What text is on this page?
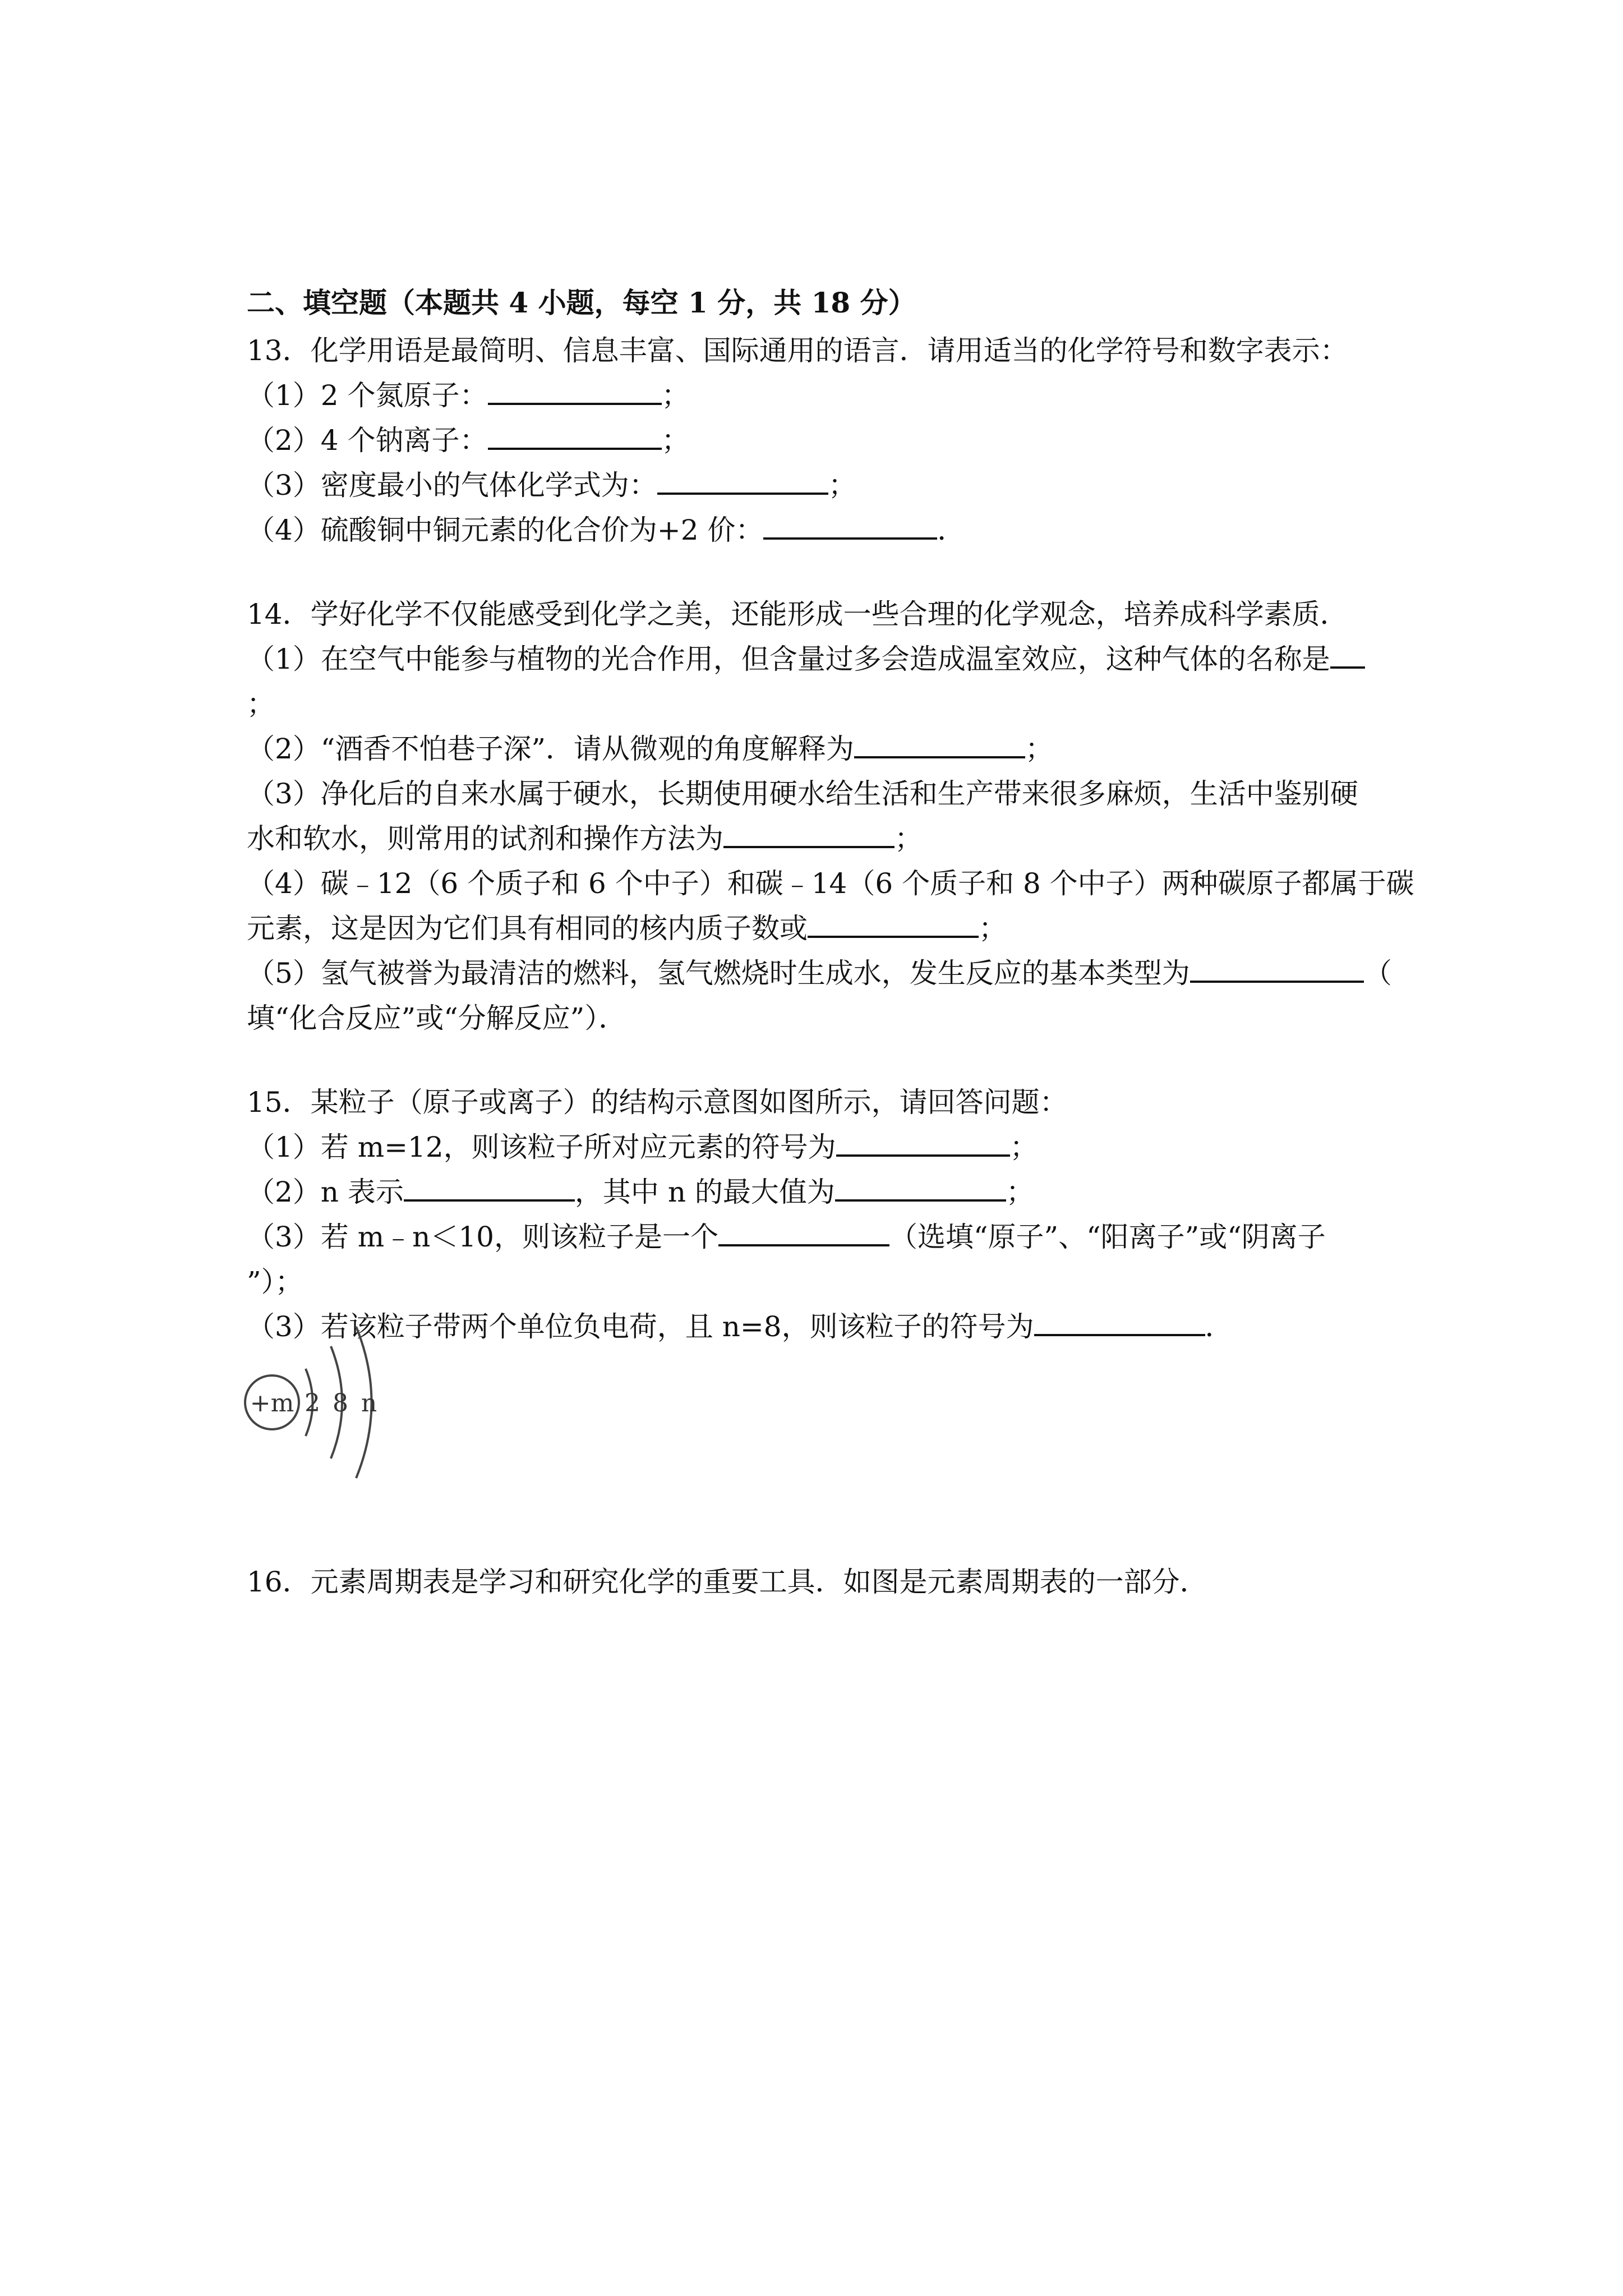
二、填空题（本题共 4 小题，每空 1 分，共 18 分）
13．化学用语是最简明、信息丰富、国际通用的语言．请用适当的化学符号和数字表示：
（1）2 个氮原子：	；
（2）4 个钠离子：	；
（3）密度最小的气体化学式为：	；
（4）硫酸铜中铜元素的化合价为+2 价：	．
14．学好化学不仅能感受到化学之美，还能形成一些合理的化学观念，培养成科学素质．
（1）在空气中能参与植物的光合作用，但含量过多会造成温室效应，这种气体的名称是
；
（2）“酒香不怕巷子深”．请从微观的角度解释为	；
（3）净化后的自来水属于硬水，长期使用硬水给生活和生产带来很多麻烦，生活中鉴别硬
水和软水，则常用的试剂和操作方法为	；
（4）碳﹣12（6 个质子和 6 个中子）和碳﹣14（6 个质子和 8 个中子）两种碳原子都属于碳
元素，这是因为它们具有相同的核内质子数或	；
（5）氢气被誉为最清洁的燃料，氢气燃烧时生成水，发生反应的基本类型为	（
填“化合反应”或“分解反应”）．
15．某粒子（原子或离子）的结构示意图如图所示，请回答问题：
（1）若 m=12，则该粒子所对应元素的符号为	；
（2）n 表示	，其中 n 的最大值为	；
（3）若 m﹣n＜10，则该粒子是一个	（选填“原子”、“阳离子”或“阴离子
”）；
（3）若该粒子带两个单位负电荷，且 n=8，则该粒子的符号为	．
+m 2 8 n
16．元素周期表是学习和研究化学的重要工具．如图是元素周期表的一部分．
